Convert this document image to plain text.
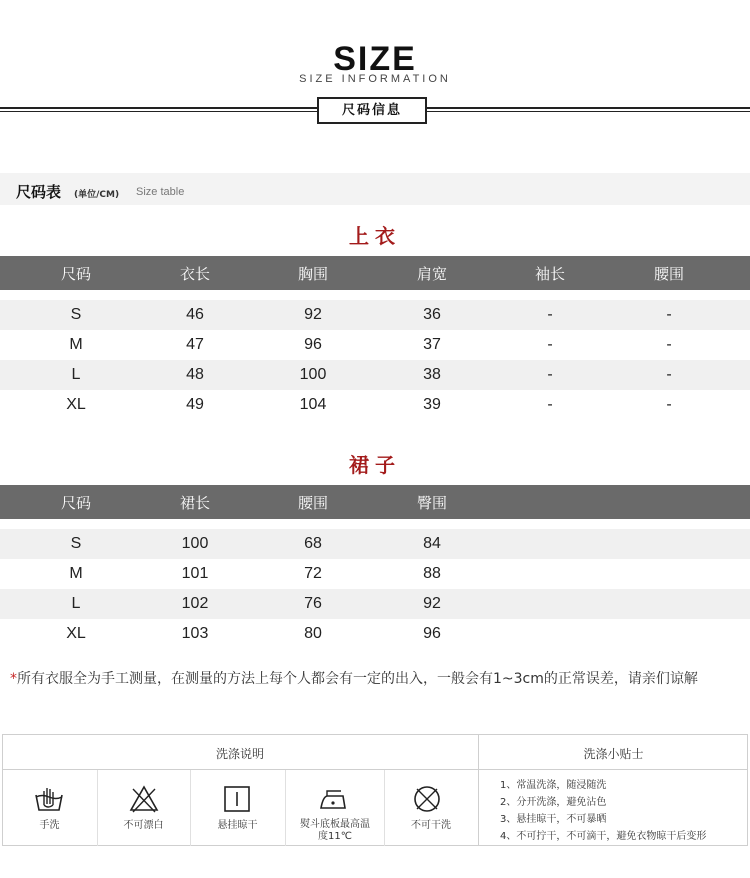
SIZE
SIZE INFORMATION
尺码信息
尺码表 (单位/CM) Size table
上衣
尺码	衣长	胸围	肩宽	袖长	腰围
S	46	92	36	-	-
M	47	96	37	-	-
L	48	100	38	-	-
XL	49	104	39	-	-
裙子
尺码	裙长	腰围	臀围
S	100	68	84
M	101	72	88
L	102	76	92
XL	103	80	96
*所有衣服全为手工测量，在测量的方法上每个人都会有一定的出入，一般会有1~3cm的正常误差，请亲们谅解
洗涤说明	洗涤小贴士
手洗	不可漂白	悬挂晾干	熨斗底板最高温度11℃
不可干洗
1、常温洗涤，随浸随洗
2、分开洗涤，避免沾色
3、悬挂晾干，不可暴晒
4、不可拧干，不可滴干，避免衣物晾干后变形
